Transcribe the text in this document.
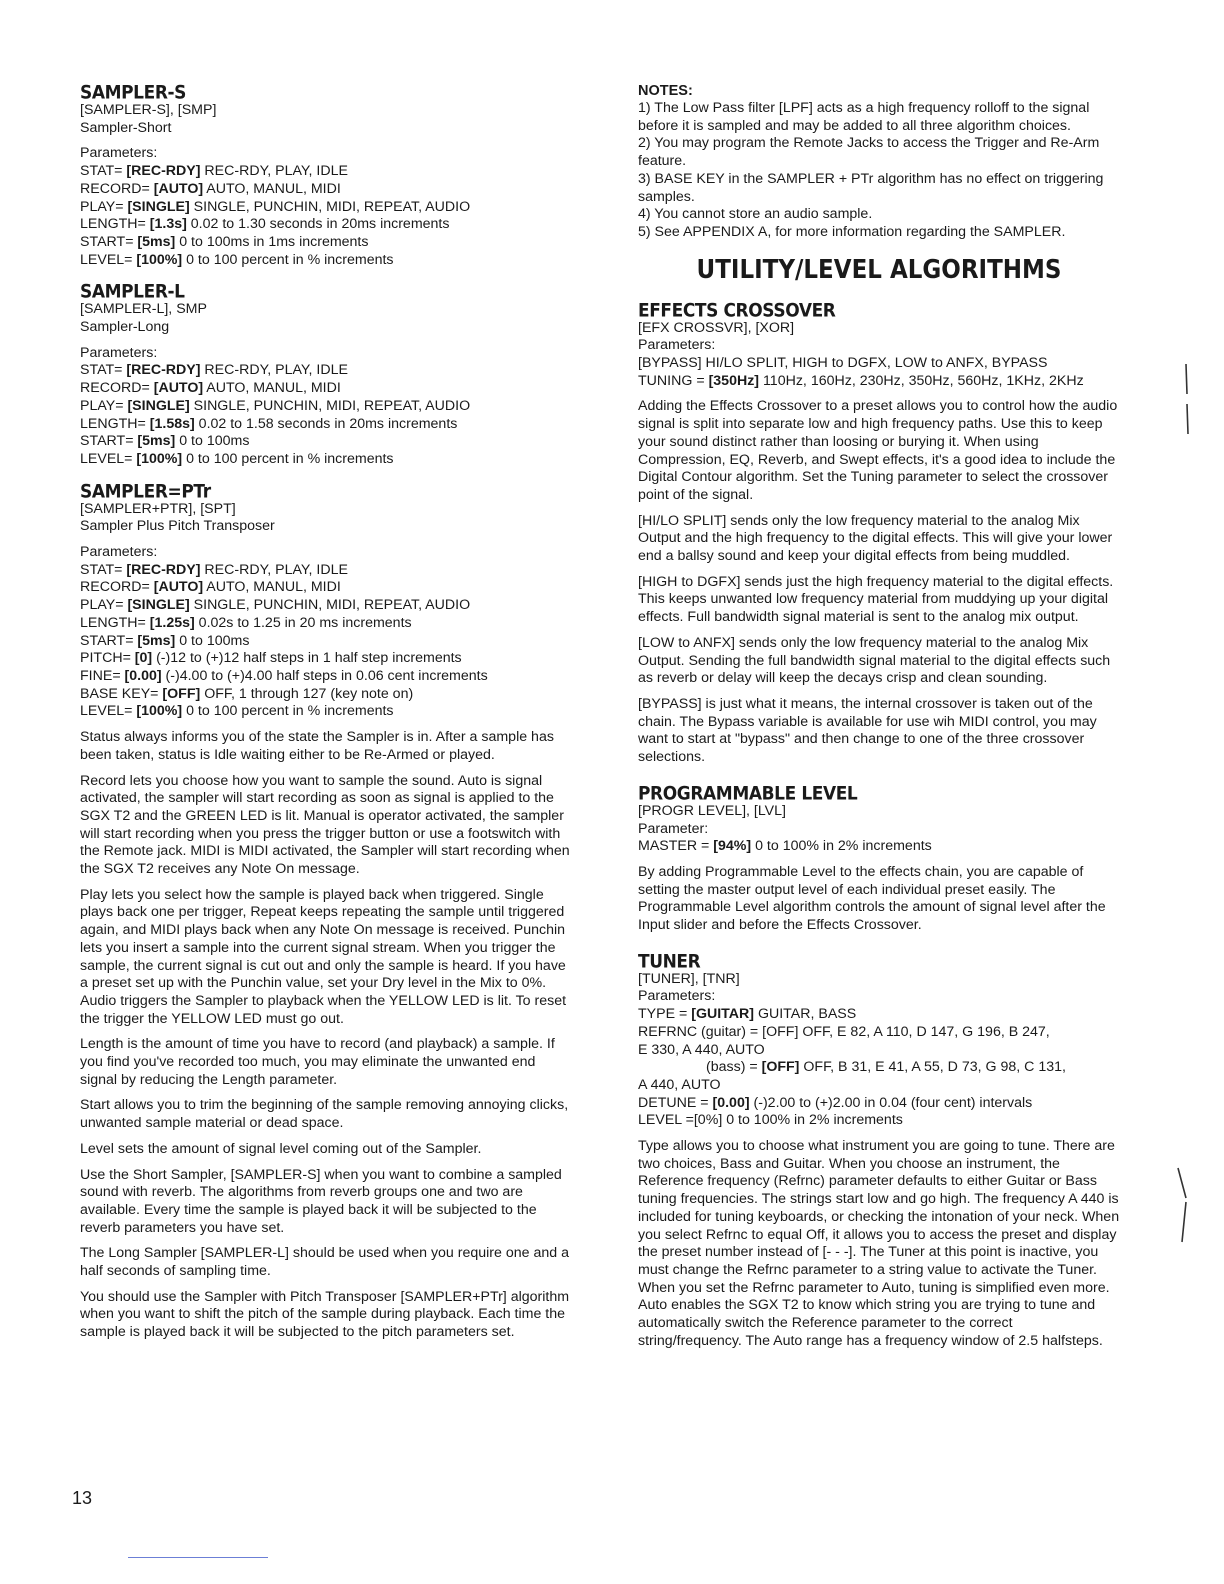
SAMPLER-S
[SAMPLER-S], [SMP]
Sampler-Short
Parameters:
STAT= [REC-RDY] REC-RDY, PLAY, IDLE
RECORD= [AUTO] AUTO, MANUL, MIDI
PLAY= [SINGLE] SINGLE, PUNCHIN, MIDI, REPEAT, AUDIO
LENGTH= [1.3s] 0.02 to 1.30 seconds in 20ms increments
START= [5ms] 0 to 100ms in 1ms increments
LEVEL= [100%] 0 to 100 percent in % increments
SAMPLER-L
[SAMPLER-L], SMP
Sampler-Long
Parameters:
STAT= [REC-RDY] REC-RDY, PLAY, IDLE
RECORD= [AUTO] AUTO, MANUL, MIDI
PLAY= [SINGLE] SINGLE, PUNCHIN, MIDI, REPEAT, AUDIO
LENGTH= [1.58s] 0.02 to 1.58 seconds in 20ms increments
START= [5ms] 0 to 100ms
LEVEL= [100%] 0 to 100 percent in % increments
SAMPLER=PTr
[SAMPLER+PTR], [SPT]
Sampler Plus Pitch Transposer
Parameters:
STAT= [REC-RDY] REC-RDY, PLAY, IDLE
RECORD= [AUTO] AUTO, MANUL, MIDI
PLAY= [SINGLE] SINGLE, PUNCHIN, MIDI, REPEAT, AUDIO
LENGTH= [1.25s] 0.02s to 1.25 in 20 ms increments
START= [5ms] 0 to 100ms
PITCH= [0] (-)12 to (+)12 half steps in 1 half step increments
FINE= [0.00] (-)4.00 to (+)4.00 half steps in 0.06 cent increments
BASE KEY= [OFF] OFF, 1 through 127 (key note on)
LEVEL= [100%] 0 to 100 percent in % increments

Status always informs you of the state the Sampler is in. After a sample has been taken, status is Idle waiting either to be Re-Armed or played.

Record lets you choose how you want to sample the sound. Auto is signal activated, the sampler will start recording as soon as signal is applied to the SGX T2 and the GREEN LED is lit. Manual is operator activated, the sampler will start recording when you press the trigger button or use a footswitch with the Remote jack. MIDI is MIDI activated, the Sampler will start recording when the SGX T2 receives any Note On message.

Play lets you select how the sample is played back when triggered. Single plays back one per trigger, Repeat keeps repeating the sample until triggered again, and MIDI plays back when any Note On message is received. Punchin lets you insert a sample into the current signal stream. When you trigger the sample, the current signal is cut out and only the sample is heard. If you have a preset set up with the Punchin value, set your Dry level in the Mix to 0%. Audio triggers the Sampler to playback when the YELLOW LED is lit. To reset the trigger the YELLOW LED must go out.

Length is the amount of time you have to record (and playback) a sample. If you find you've recorded too much, you may eliminate the unwanted end signal by reducing the Length parameter.

Start allows you to trim the beginning of the sample removing annoying clicks, unwanted sample material or dead space.

Level sets the amount of signal level coming out of the Sampler.

Use the Short Sampler, [SAMPLER-S] when you want to combine a sampled sound with reverb. The algorithms from reverb groups one and two are available. Every time the sample is played back it will be subjected to the reverb parameters you have set.

The Long Sampler [SAMPLER-L] should be used when you require one and a half seconds of sampling time.

You should use the Sampler with Pitch Transposer [SAMPLER+PTr] algorithm when you want to shift the pitch of the sample during playback. Each time the sample is played back it will be subjected to the pitch parameters set.

NOTES:
1) The Low Pass filter [LPF] acts as a high frequency rolloff to the signal before it is sampled and may be added to all three algorithm choices.
2) You may program the Remote Jacks to access the Trigger and Re-Arm feature.
3) BASE KEY in the SAMPLER + PTr algorithm has no effect on triggering samples.
4) You cannot store an audio sample.
5) See APPENDIX A, for more information regarding the SAMPLER.
UTILITY/LEVEL ALGORITHMS
EFFECTS CROSSOVER
[EFX CROSSVR], [XOR]
Parameters:
[BYPASS] HI/LO SPLIT, HIGH to DGFX, LOW to ANFX, BYPASS
TUNING = [350Hz] 110Hz, 160Hz, 230Hz, 350Hz, 560Hz, 1KHz, 2KHz

Adding the Effects Crossover to a preset allows you to control how the audio signal is split into separate low and high frequency paths. Use this to keep your sound distinct rather than loosing or burying it. When using Compression, EQ, Reverb, and Swept effects, it's a good idea to include the Digital Contour algorithm. Set the Tuning parameter to select the crossover point of the signal.

[HI/LO SPLIT] sends only the low frequency material to the analog Mix Output and the high frequency to the digital effects. This will give your lower end a ballsy sound and keep your digital effects from being muddled.

[HIGH to DGFX] sends just the high frequency material to the digital effects. This keeps unwanted low frequency material from muddying up your digital effects. Full bandwidth signal material is sent to the analog mix output.

[LOW to ANFX] sends only the low frequency material to the analog Mix Output. Sending the full bandwidth signal material to the digital effects such as reverb or delay will keep the decays crisp and clean sounding.

[BYPASS] is just what it means, the internal crossover is taken out of the chain. The Bypass variable is available for use wih MIDI control, you may want to start at "bypass" and then change to one of the three crossover selections.

PROGRAMMABLE LEVEL
[PROGR LEVEL], [LVL]
Parameter:
MASTER = [94%] 0 to 100% in 2% increments

By adding Programmable Level to the effects chain, you are capable of setting the master output level of each individual preset easily. The Programmable Level algorithm controls the amount of signal level after the Input slider and before the Effects Crossover.

TUNER
[TUNER], [TNR]
Parameters:
TYPE = [GUITAR] GUITAR, BASS
REFRNC (guitar) = [OFF] OFF, E 82, A 110, D 147, G 196, B 247,
E 330, A 440, AUTO
(bass) = [OFF] OFF, B 31, E 41, A 55, D 73, G 98, C 131,
A 440, AUTO
DETUNE = [0.00] (-)2.00 to (+)2.00 in 0.04 (four cent) intervals
LEVEL =[0%] 0 to 100% in 2% increments

Type allows you to choose what instrument you are going to tune. There are two choices, Bass and Guitar. When you choose an instrument, the Reference frequency (Refrnc) parameter defaults to either Guitar or Bass tuning frequencies. The strings start low and go high. The frequency A 440 is included for tuning keyboards, or checking the intonation of your neck. When you select Refrnc to equal Off, it allows you to access the preset and display the preset number instead of [- - -]. The Tuner at this point is inactive, you must change the Refrnc parameter to a string value to activate the Tuner. When you set the Refrnc parameter to Auto, tuning is simplified even more. Auto enables the SGX T2 to know which string you are trying to tune and automatically switch the Reference parameter to the correct string/frequency. The Auto range has a frequency window of 2.5 halfsteps.

13
